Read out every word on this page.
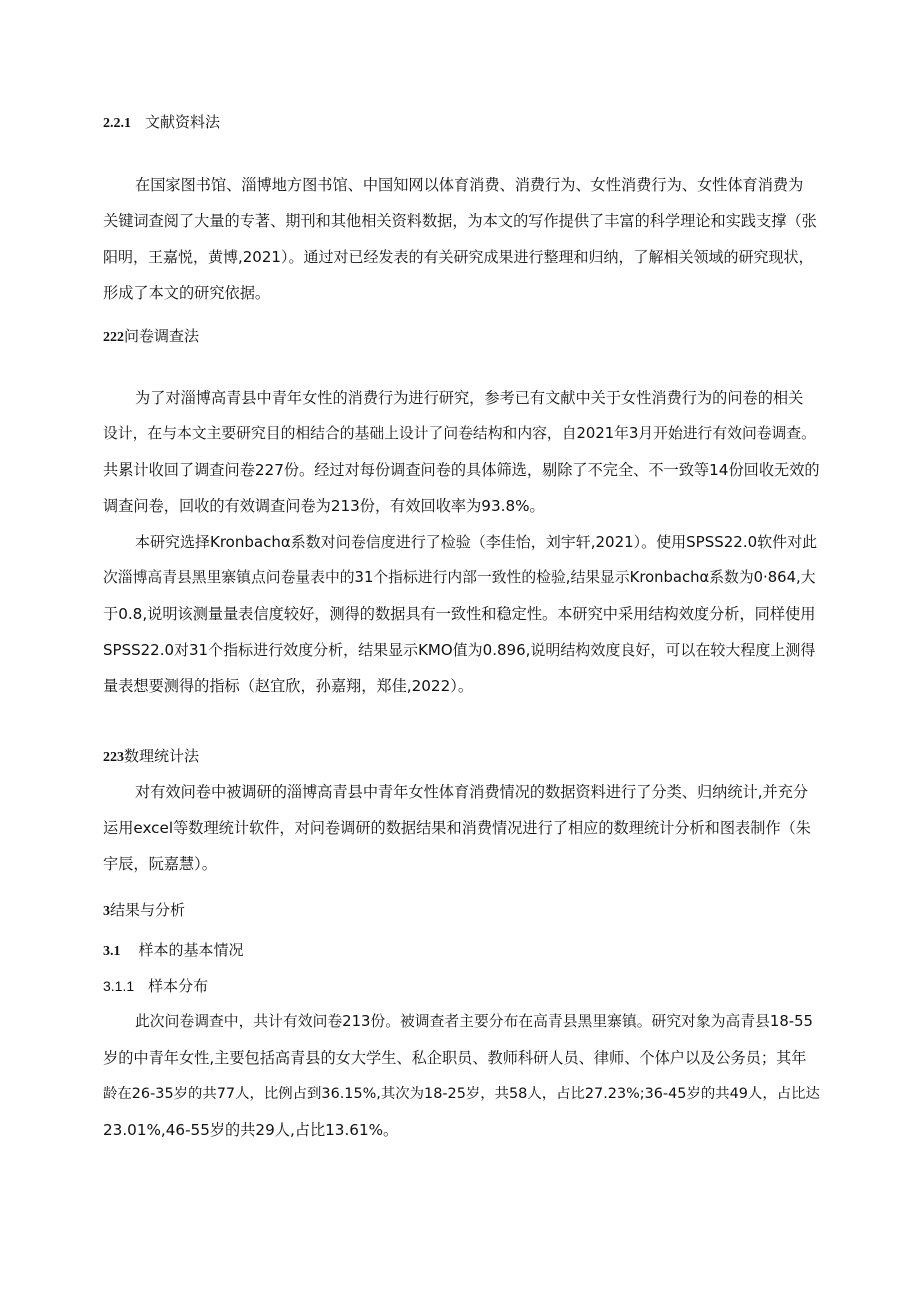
2.2.1 文献资料法
在国家图书馆、淄博地方图书馆、中国知网以体育消费、消费行为、女性消费行为、女性体育消费为
关键词查阅了大量的专著、期刊和其他相关资料数据，为本文的写作提供了丰富的科学理论和实践支撑（张
阳明，王嘉悦，黄博,2021）。通过对已经发表的有关研究成果进行整理和归纳，了解相关领域的研究现状，
形成了本文的研究依据。
222问卷调查法
为了对淄博高青县中青年女性的消费行为进行研究，参考已有文献中关于女性消费行为的问卷的相关
设计，在与本文主要研究目的相结合的基础上设计了问卷结构和内容，自2021年3月开始进行有效问卷调查。
共累计收回了调查问卷227份。经过对每份调查问卷的具体筛选，剔除了不完全、不一致等14份回收无效的
调查问卷，回收的有效调查问卷为213份，有效回收率为93.8%。
本研究选择Kronbachα系数对问卷信度进行了检验（李佳怡，刘宇轩,2021）。使用SPSS22.0软件对此
次淄博高青县黑里寨镇点问卷量表中的31个指标进行内部一致性的检验,结果显示Kronbachα系数为0·864,大
于0.8,说明该测量量表信度较好，测得的数据具有一致性和稳定性。本研究中采用结构效度分析，同样使用
SPSS22.0对31个指标进行效度分析，结果显示KMO值为0.896,说明结构效度良好，可以在较大程度上测得
量表想要测得的指标（赵宜欣，孙嘉翔，郑佳,2022）。
223数理统计法
对有效问卷中被调研的淄博高青县中青年女性体育消费情况的数据资料进行了分类、归纳统计,并充分
运用excel等数理统计软件，对问卷调研的数据结果和消费情况进行了相应的数理统计分析和图表制作（朱
宇辰，阮嘉慧）。
3结果与分析
3.1 样本的基本情况
3.1.1 样本分布
此次问卷调查中，共计有效问卷213份。被调查者主要分布在高青县黑里寨镇。研究对象为高青县18-55
岁的中青年女性,主要包括高青县的女大学生、私企职员、教师科研人员、律师、个体户以及公务员；其年
龄在26-35岁的共77人，比例占到36.15%,其次为18-25岁，共58人，占比27.23%;36-45岁的共49人，占比达
23.01%,46-55岁的共29人,占比13.61%。
